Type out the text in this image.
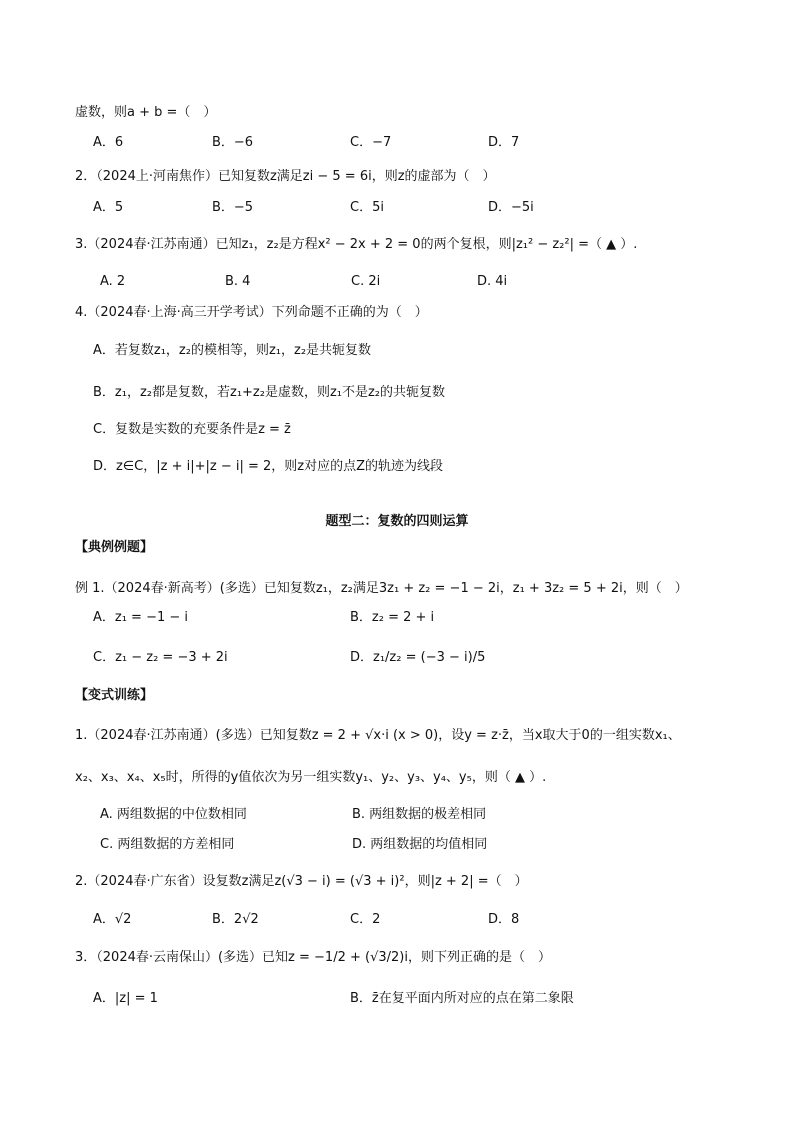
虚数，则a + b =（　）
A．6	B．−6	C．−7	D．7
2．（2024上·河南焦作）已知复数z满足zi − 5 = 6i，则z的虚部为（　）
A．5	B．−5	C．5i	D．−5i
3.（2024春·江苏南通）已知z₁，z₂是方程x² − 2x + 2 = 0的两个复根，则|z₁² − z₂²| =（ ▲ ）.
A. 2	B. 4	C. 2i	D. 4i
4.（2024春·上海·高三开学考试）下列命题不正确的为（　）
A．若复数z₁，z₂的模相等，则z₁，z₂是共轭复数
B．z₁，z₂都是复数，若z₁+z₂是虚数，则z₁不是z₂的共轭复数
C．复数是实数的充要条件是z = z̄
D．z∈C，|z + i|+|z − i| = 2，则z对应的点Z的轨迹为线段
题型二：复数的四则运算
【典例例题】
例 1.（2024春·新高考）(多选）已知复数z₁，z₂满足3z₁ + z₂ = −1 − 2i，z₁ + 3z₂ = 5 + 2i，则（　）
A．z₁ = −1 − i	B．z₂ = 2 + i
C．z₁ − z₂ = −3 + 2i	D．z₁/z₂ = (−3 − i)/5
【变式训练】
1.（2024春·江苏南通）(多选）已知复数z = 2 + √x·i (x > 0)，设y = z·z̄，当x取大于0的一组实数x₁、
x₂、x₃、x₄、x₅时，所得的y值依次为另一组实数y₁、y₂、y₃、y₄、y₅，则（ ▲ ）.
A. 两组数据的中位数相同	B. 两组数据的极差相同
C. 两组数据的方差相同	D. 两组数据的均值相同
2.（2024春·广东省）设复数z满足z(√3 − i) = (√3 + i)²，则|z + 2| =（　）
A．√2	B．2√2	C．2	D．8
3．（2024春·云南保山）(多选）已知z = −1/2 + (√3/2)i，则下列正确的是（　）
A．|z| = 1	B．z̄在复平面内所对应的点在第二象限
